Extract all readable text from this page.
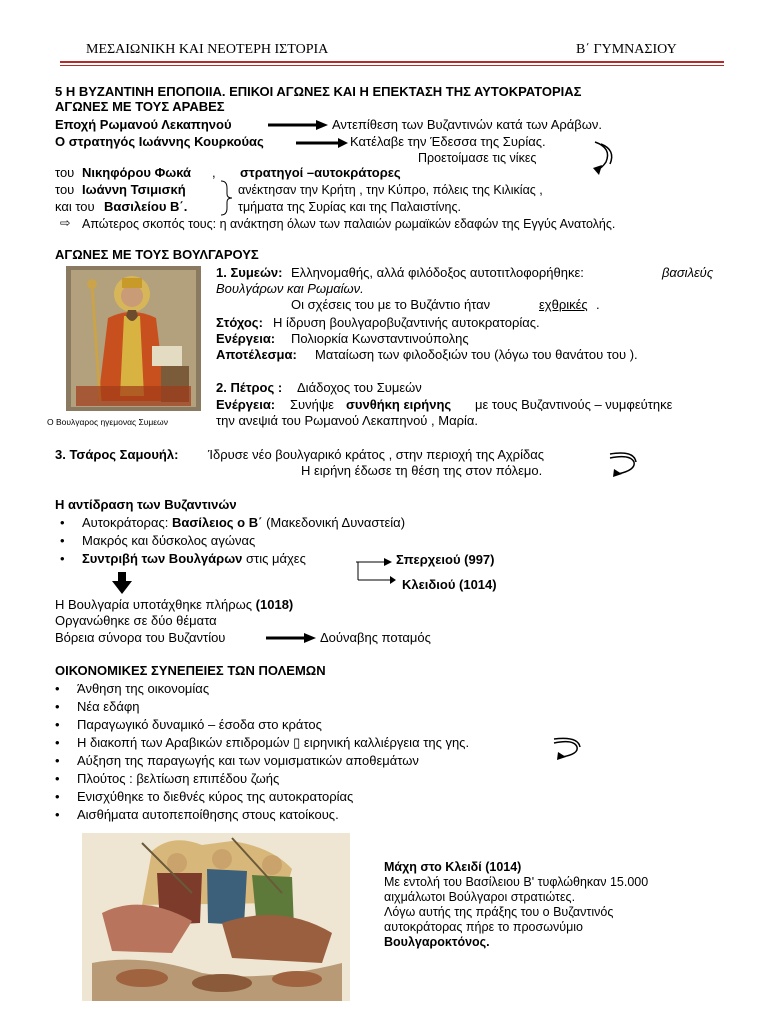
ΜΕΣΑΙΩΝΙΚΗ ΚΑΙ ΝΕΟΤΕΡΗ ΙΣΤΟΡΙΑ	Β΄ ΓΥΜΝΑΣΙΟΥ
5 Η ΒΥΖΑΝΤΙΝΗ ΕΠΟΠΟΙΙΑ. ΕΠΙΚΟΙ ΑΓΩΝΕΣ ΚΑΙ Η ΕΠΕΚΤΑΣΗ ΤΗΣ ΑΥΤΟΚΡΑΤΟΡΙΑΣ
ΑΓΩΝΕΣ ΜΕ ΤΟΥΣ ΑΡΑΒΕΣ
Εποχή Ρωμανού Λεκαπηνού	Αντεπίθεση των Βυζαντινών κατά των Αράβων.
Ο στρατηγός Ιωάννης Κουρκούας	Κατέλαβε την Έδεσσα της Συρίας.
Προετοίμασε τις νίκες
του Νικηφόρου Φωκά , στρατηγοί –αυτοκράτορες
του Ιωάννη Τσιμισκή	ανέκτησαν την Κρήτη , την Κύπρο, πόλεις της Κιλικίας ,
και του Βασιλείου Β΄.	τμήματα της Συρίας και της Παλαιστίνης.
⇨ Απώτερος σκοπός τους: η ανάκτηση όλων των παλαιών ρωμαϊκών εδαφών της Εγγύς Ανατολής.
ΑΓΩΝΕΣ ΜΕ ΤΟΥΣ ΒΟΥΛΓΑΡΟΥΣ
Ο Βουλγαρος ηγεμονας Συμεων
1. Συμεών: Ελληνομαθής, αλλά φιλόδοξος αυτοτιτλοφορήθηκε:	βασιλεύς
Βουλγάρων και Ρωμαίων.
Οι σχέσεις του με το Βυζάντιο ήταν	εχθρικές .
Στόχος: Η ίδρυση βουλγαροβυζαντινής αυτοκρατορίας.
Ενέργεια: Πολιορκία Κωνσταντινούπολης
Αποτέλεσμα: Ματαίωση των φιλοδοξιών του (λόγω του θανάτου του ).
2. Πέτρος : Διάδοχος του Συμεών
Ενέργεια: Συνήψε συνθήκη ειρήνης με τους Βυζαντινούς – νυμφεύτηκε
την ανεψιά του Ρωμανού Λεκαπηνού , Μαρία.
3. Τσάρος Σαμουήλ: Ίδρυσε νέο βουλγαρικό κράτος , στην περιοχή της Αχρίδας
Η ειρήνη έδωσε τη θέση της στον πόλεμο.
Η αντίδραση των Βυζαντινών
• Αυτοκράτορας: Βασίλειος ο Β΄ (Μακεδονική Δυναστεία)
• Μακρός και δύσκολος αγώνας
• Συντριβή των Βουλγάρων στις μάχες	Σπερχειού (997)
Κλειδιού (1014)
Η Βουλγαρία υποτάχθηκε πλήρως (1018)
Οργανώθηκε σε δύο θέματα
Βόρεια σύνορα του Βυζαντίου	Δούναβης ποταμός
ΟΙΚΟΝΟΜΙΚΕΣ ΣΥΝΕΠΕΙΕΣ ΤΩΝ ΠΟΛΕΜΩΝ
• Άνθηση της οικονομίας
• Νέα εδάφη
• Παραγωγικό δυναμικό – έσοδα στο κράτος
• Η διακοπή των Αραβικών επιδρομών ▯ ειρηνική καλλιέργεια της γης.
• Αύξηση της παραγωγής και των νομισματικών αποθεμάτων
• Πλούτος : βελτίωση επιπέδου ζωής
• Ενισχύθηκε το διεθνές κύρος της αυτοκρατορίας
• Αισθήματα αυτοπεποίθησης στους κατοίκους.
Μάχη στο Κλειδί (1014)
Με εντολή του Βασίλειου Β' τυφλώθηκαν 15.000
αιχμάλωτοι Βούλγαροι στρατιώτες.
Λόγω αυτής της πράξης του ο Βυζαντινός
αυτοκράτορας πήρε το προσωνύμιο
Βουλγαροκτόνος.
